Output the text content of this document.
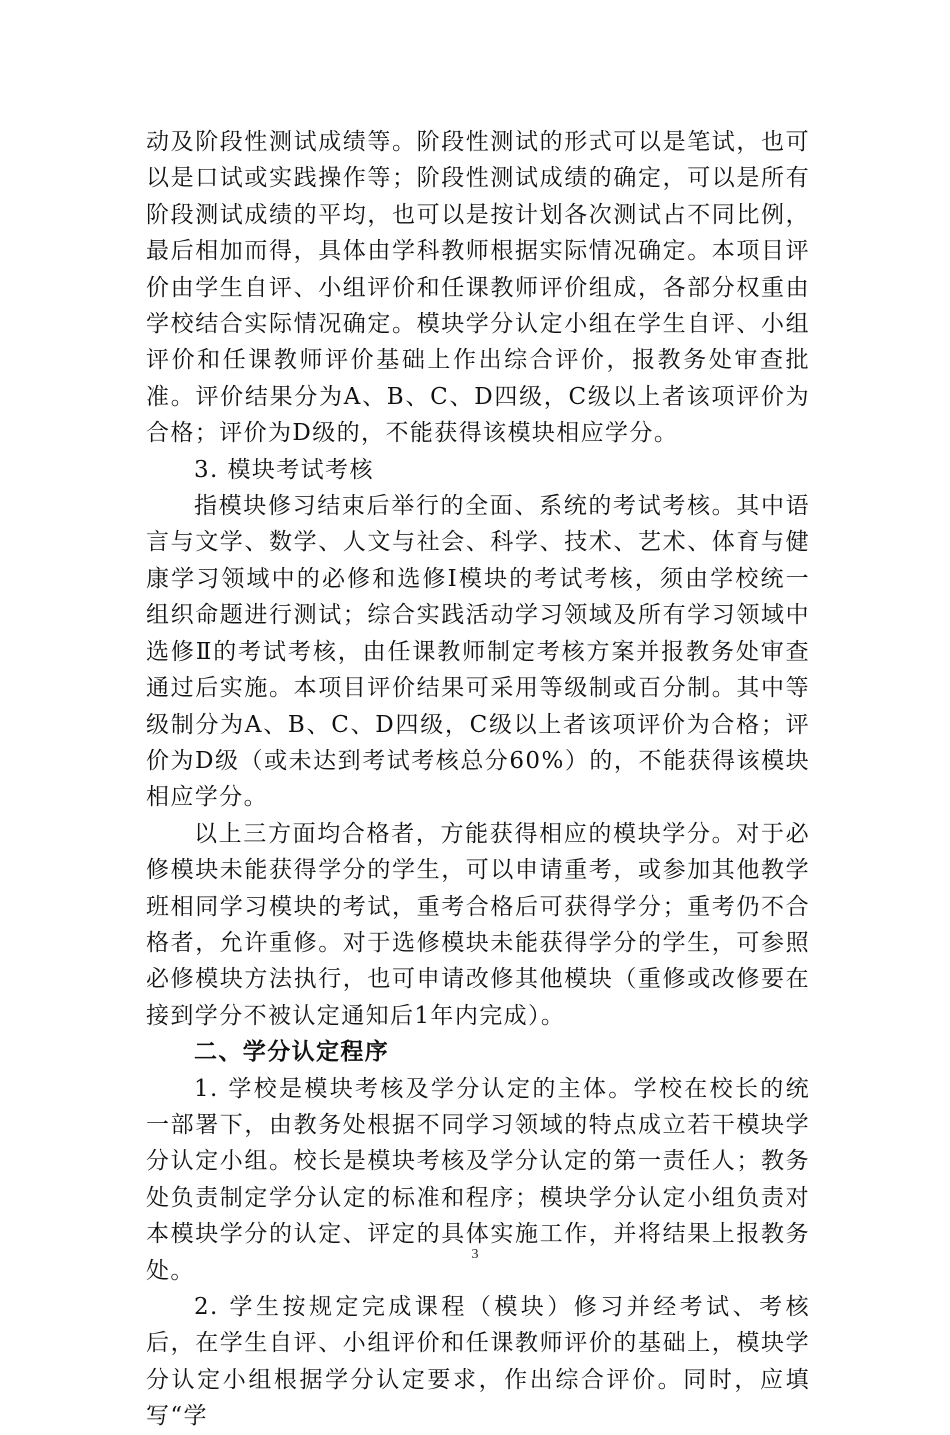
动及阶段性测试成绩等。阶段性测试的形式可以是笔试，也可以是口试或实践操作等；阶段性测试成绩的确定，可以是所有阶段测试成绩的平均，也可以是按计划各次测试占不同比例，最后相加而得，具体由学科教师根据实际情况确定。本项目评价由学生自评、小组评价和任课教师评价组成，各部分权重由学校结合实际情况确定。模块学分认定小组在学生自评、小组评价和任课教师评价基础上作出综合评价，报教务处审查批准。评价结果分为A、B、C、D四级，C级以上者该项评价为合格；评价为D级的，不能获得该模块相应学分。

3. 模块考试考核

指模块修习结束后举行的全面、系统的考试考核。其中语言与文学、数学、人文与社会、科学、技术、艺术、体育与健康学习领域中的必修和选修Ⅰ模块的考试考核，须由学校统一组织命题进行测试；综合实践活动学习领域及所有学习领域中选修Ⅱ的考试考核，由任课教师制定考核方案并报教务处审查通过后实施。本项目评价结果可采用等级制或百分制。其中等级制分为A、B、C、D四级，C级以上者该项评价为合格；评价为D级（或未达到考试考核总分60%）的，不能获得该模块相应学分。

以上三方面均合格者，方能获得相应的模块学分。对于必修模块未能获得学分的学生，可以申请重考，或参加其他教学班相同学习模块的考试，重考合格后可获得学分；重考仍不合格者，允许重修。对于选修模块未能获得学分的学生，可参照必修模块方法执行，也可申请改修其他模块（重修或改修要在接到学分不被认定通知后1年内完成）。

二、学分认定程序

1. 学校是模块考核及学分认定的主体。学校在校长的统一部署下，由教务处根据不同学习领域的特点成立若干模块学分认定小组。校长是模块考核及学分认定的第一责任人；教务处负责制定学分认定的标准和程序；模块学分认定小组负责对本模块学分的认定、评定的具体实施工作，并将结果上报教务处。

2. 学生按规定完成课程（模块）修习并经考试、考核后，在学生自评、小组评价和任课教师评价的基础上，模块学分认定小组根据学分认定要求，作出综合评价。同时，应填写“学

3
